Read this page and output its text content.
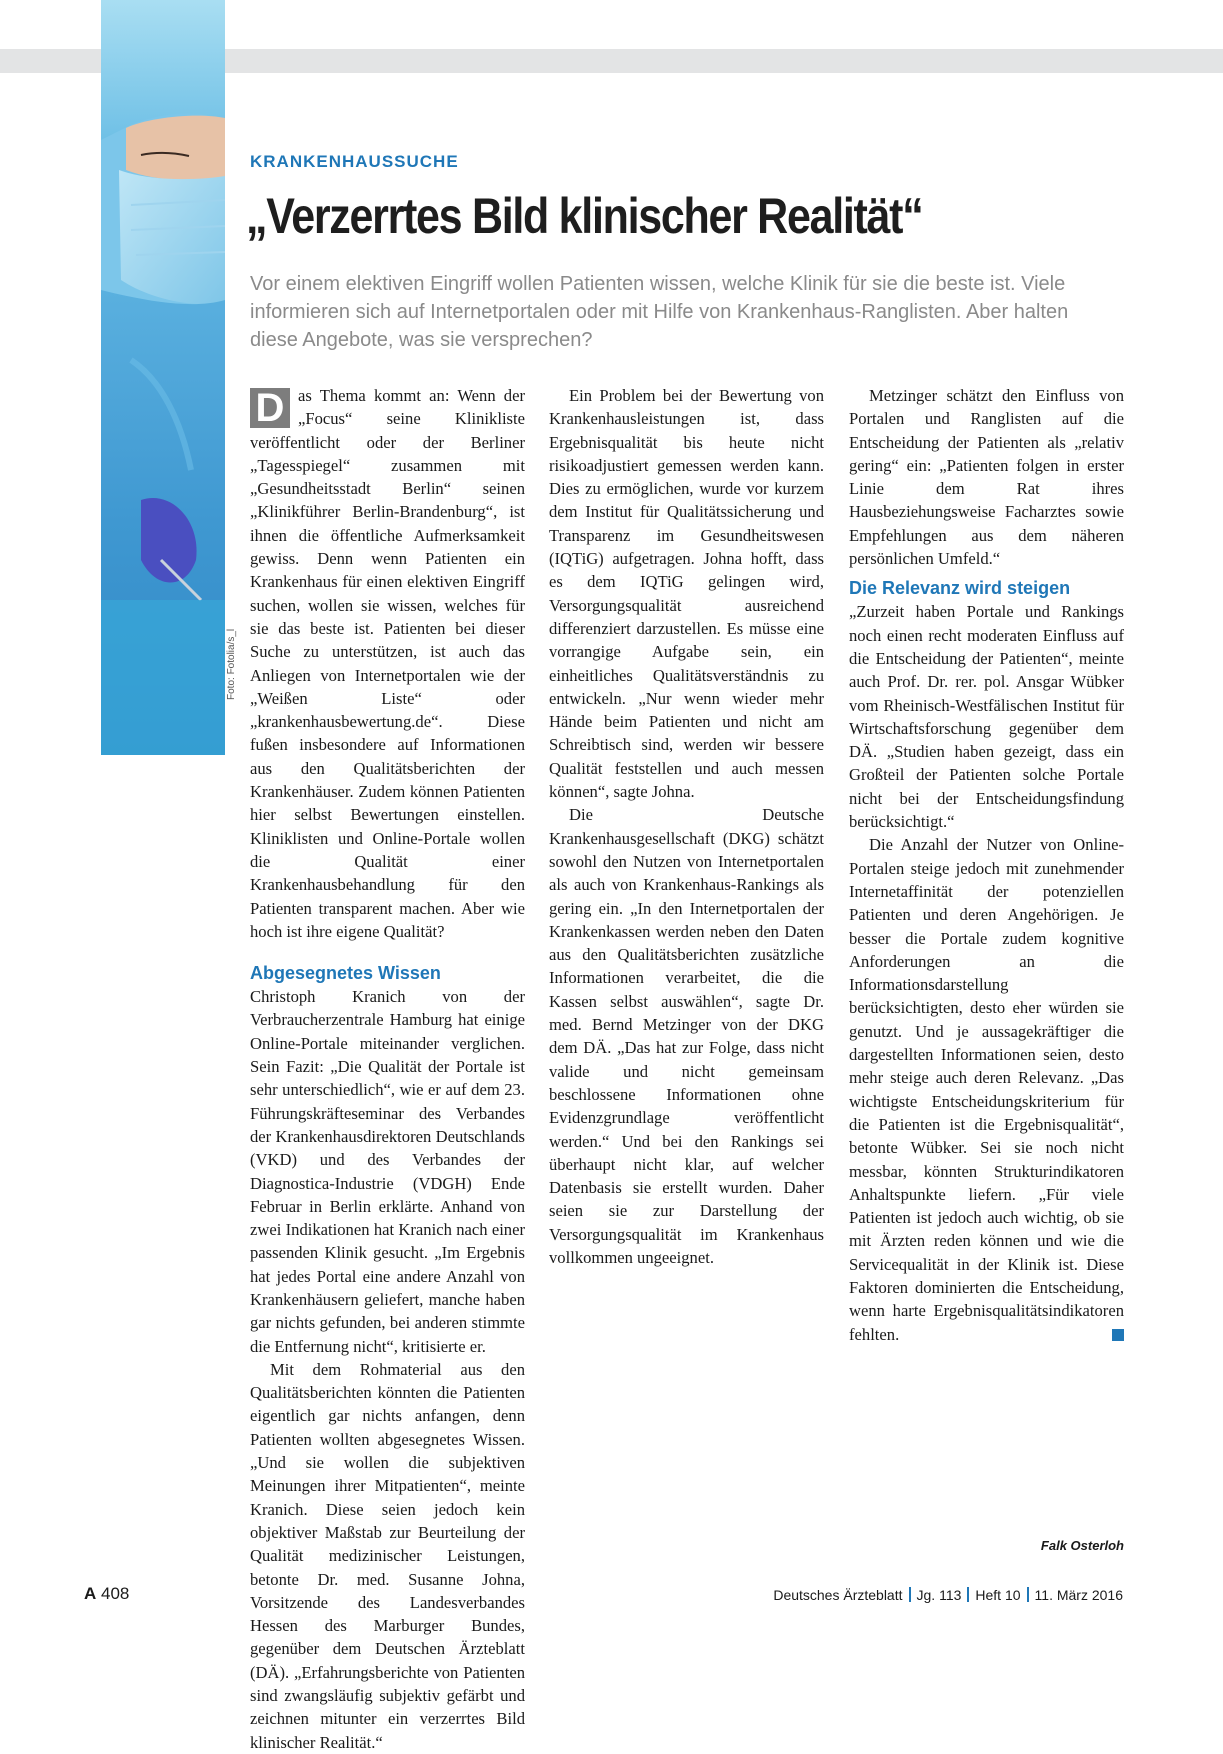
Foto: Fotolia/s_l
KRANKENHAUSSUCHE
„Verzerrtes Bild klinischer Realität“
Vor einem elektiven Eingriff wollen Patienten wissen, welche Klinik für sie die beste ist. Viele informieren sich auf Internetportalen oder mit Hilfe von Krankenhaus-Ranglisten. Aber halten diese Angebote, was sie versprechen?

D as Thema kommt an: Wenn der „Focus“ seine Klinikliste veröffentlicht oder der Berliner „Tagesspiegel“ zusammen mit „Gesundheitsstadt Berlin“ seinen „Klinikführer Berlin-Brandenburg“, ist ihnen die öffentliche Aufmerksamkeit gewiss. Denn wenn Patienten ein Krankenhaus für einen elektiven Eingriff suchen, wollen sie wissen, welches für sie das beste ist. Patienten bei dieser Suche zu unterstützen, ist auch das Anliegen von Internetportalen wie der „Weißen Liste“ oder „krankenhausbewertung.de“. Diese fußen insbesondere auf Informationen aus den Qualitätsberichten der Krankenhäuser. Zudem können Patienten hier selbst Bewertungen einstellen. Kliniklisten und Online-Portale wollen die Qualität einer Krankenhausbehandlung für den Patienten transparent machen. Aber wie hoch ist ihre eigene Qualität?

Abgesegnetes Wissen

Christoph Kranich von der Verbraucherzentrale Hamburg hat einige Online-Portale miteinander verglichen. Sein Fazit: „Die Qualität der Portale ist sehr unterschiedlich“, wie er auf dem 23. Führungskräfteseminar des Verbandes der Krankenhausdirektoren Deutschlands (VKD) und des Verbandes der Diagnostica-Industrie (VDGH) Ende Februar in Berlin erklärte. Anhand von zwei Indikationen hat Kranich nach einer passenden Klinik gesucht. „Im Ergebnis hat jedes Portal eine andere Anzahl von Krankenhäusern geliefert, manche haben gar nichts gefunden, bei anderen stimmte die Entfernung nicht“, kritisierte er.

Mit dem Rohmaterial aus den Qualitätsberichten könnten die Patienten eigentlich gar nichts anfangen, denn Patienten wollten abgesegnetes Wissen. „Und sie wollen die subjektiven Meinungen ihrer Mitpatienten“, meinte Kranich. Diese seien jedoch kein objektiver Maßstab zur Beurteilung der Qualität medizinischer Leistungen, betonte Dr. med. Susanne Johna, Vorsitzende des Landesverbandes Hessen des Marburger Bundes, gegenüber dem Deutschen Ärzteblatt (DÄ). „Erfahrungsberichte von Patienten sind zwangsläufig subjektiv gefärbt und zeichnen mitunter ein verzerrtes Bild klinischer Realität.“

Ein Problem bei der Bewertung von Krankenhausleistungen ist, dass Ergebnisqualität bis heute nicht risikoadjustiert gemessen werden kann. Dies zu ermöglichen, wurde vor kurzem dem Institut für Qualitätssicherung und Transparenz im Gesundheitswesen (IQTiG) aufgetragen. Johna hofft, dass es dem IQTiG gelingen wird, Versorgungsqualität ausreichend differenziert darzustellen. Es müsse eine vorrangige Aufgabe sein, ein einheitliches Qualitätsverständnis zu entwickeln. „Nur wenn wieder mehr Hände beim Patienten und nicht am Schreibtisch sind, werden wir bessere Qualität feststellen und auch messen können“, sagte Johna.

Die Deutsche Krankenhausgesellschaft (DKG) schätzt sowohl den Nutzen von Internetportalen als auch von Krankenhaus-Rankings als gering ein. „In den Internetportalen der Krankenkassen werden neben den Daten aus den Qualitätsberichten zusätzliche Informationen verarbeitet, die die Kassen selbst auswählen“, sagte Dr. med. Bernd Metzinger von der DKG dem DÄ. „Das hat zur Folge, dass nicht valide und nicht gemeinsam beschlossene Informationen ohne Evidenzgrundlage veröffentlicht werden.“ Und bei den Rankings sei überhaupt nicht klar, auf welcher Datenbasis sie erstellt wurden. Daher seien sie zur Darstellung der Versorgungsqualität im Krankenhaus vollkommen ungeeignet.

Metzinger schätzt den Einfluss von Portalen und Ranglisten auf die Entscheidung der Patienten als „relativ gering“ ein: „Patienten folgen in erster Linie dem Rat ihres Hausbeziehungsweise Facharztes sowie Empfehlungen aus dem näheren persönlichen Umfeld.“

Die Relevanz wird steigen

„Zurzeit haben Portale und Rankings noch einen recht moderaten Einfluss auf die Entscheidung der Patienten“, meinte auch Prof. Dr. rer. pol. Ansgar Wübker vom Rheinisch-Westfälischen Institut für Wirtschaftsforschung gegenüber dem DÄ. „Studien haben gezeigt, dass ein Großteil der Patienten solche Portale nicht bei der Entscheidungsfindung berücksichtigt.“

Die Anzahl der Nutzer von Online-Portalen steige jedoch mit zunehmender Internetaffinität der potenziellen Patienten und deren Angehörigen. Je besser die Portale zudem kognitive Anforderungen an die Informationsdarstellung berücksichtigten, desto eher würden sie genutzt. Und je aussagekräftiger die dargestellten Informationen seien, desto mehr steige auch deren Relevanz. „Das wichtigste Entscheidungskriterium für die Patienten ist die Ergebnisqualität“, betonte Wübker. Sei sie noch nicht messbar, könnten Strukturindikatoren Anhaltspunkte liefern. „Für viele Patienten ist jedoch auch wichtig, ob sie mit Ärzten reden können und wie die Servicequalität in der Klinik ist. Diese Faktoren dominierten die Entscheidung, wenn harte Ergebnisqualitätsindikatoren fehlten.

Falk Osterloh
A 408	Deutsches Ärzteblatt Jg. 113 Heft 10 11. März 2016
